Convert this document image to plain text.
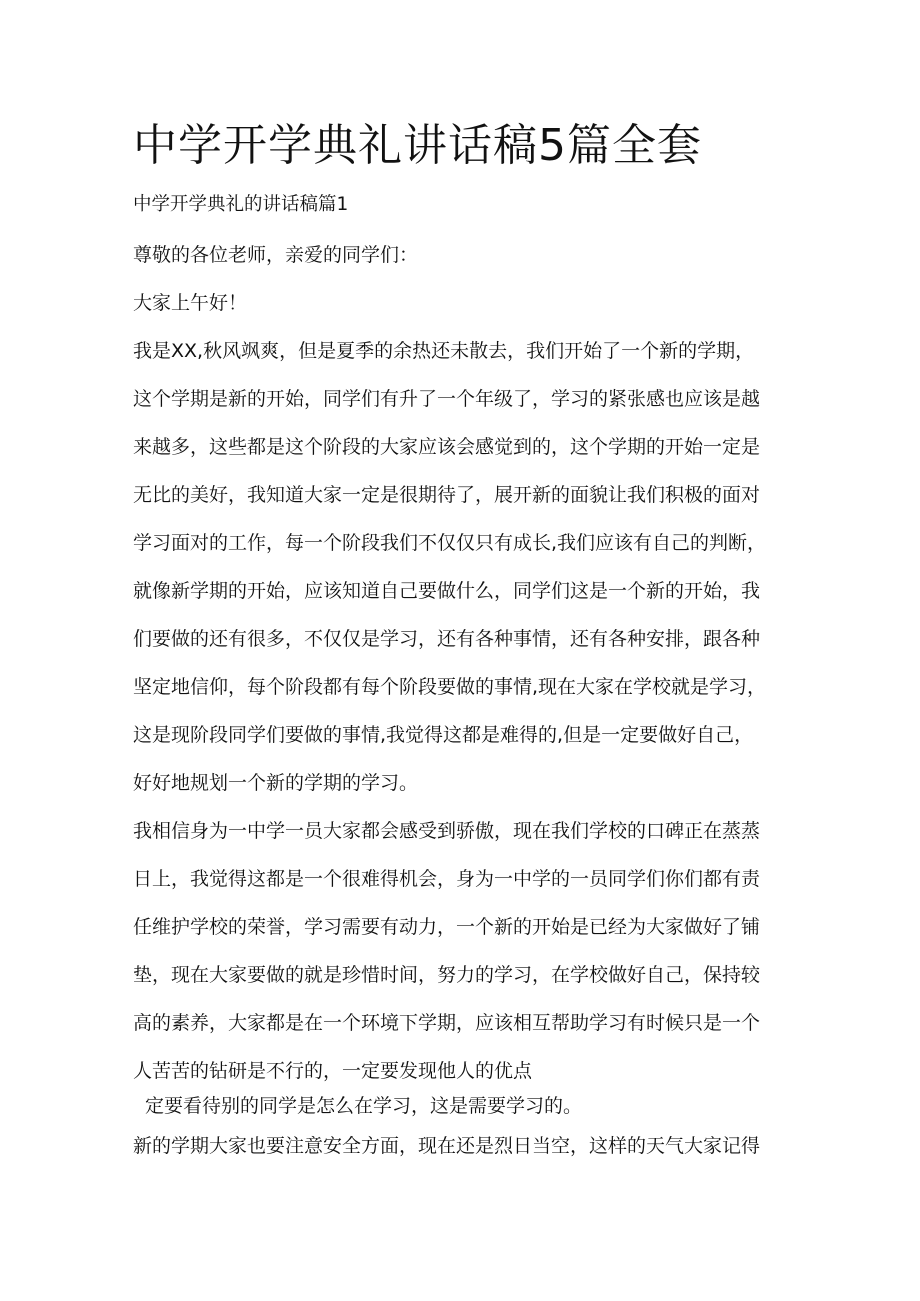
中学开学典礼讲话稿5篇全套

中学开学典礼的讲话稿篇1

尊敬的各位老师，亲爱的同学们：

大家上午好！

我是XX,秋风飒爽，但是夏季的余热还未散去，我们开始了一个新的学期，

这个学期是新的开始，同学们有升了一个年级了，学习的紧张感也应该是越

来越多，这些都是这个阶段的大家应该会感觉到的，这个学期的开始一定是

无比的美好，我知道大家一定是很期待了，展开新的面貌让我们积极的面对

学习面对的工作，每一个阶段我们不仅仅只有成长,我们应该有自己的判断，

就像新学期的开始，应该知道自己要做什么，同学们这是一个新的开始，我

们要做的还有很多，不仅仅是学习，还有各种事情，还有各种安排，跟各种

坚定地信仰，每个阶段都有每个阶段要做的事情,现在大家在学校就是学习，

这是现阶段同学们要做的事情,我觉得这都是难得的,但是一定要做好自己，

好好地规划一个新的学期的学习。

我相信身为一中学一员大家都会感受到骄傲，现在我们学校的口碑正在蒸蒸

日上，我觉得这都是一个很难得机会，身为一中学的一员同学们你们都有责

任维护学校的荣誉，学习需要有动力，一个新的开始是已经为大家做好了铺

垫，现在大家要做的就是珍惜时间，努力的学习，在学校做好自己，保持较

高的素养，大家都是在一个环境下学期，应该相互帮助学习有时候只是一个

人苦苦的钻研是不行的，一定要发现他人的优点

定要看待别的同学是怎么在学习，这是需要学习的。

新的学期大家也要注意安全方面，现在还是烈日当空，这样的天气大家记得
